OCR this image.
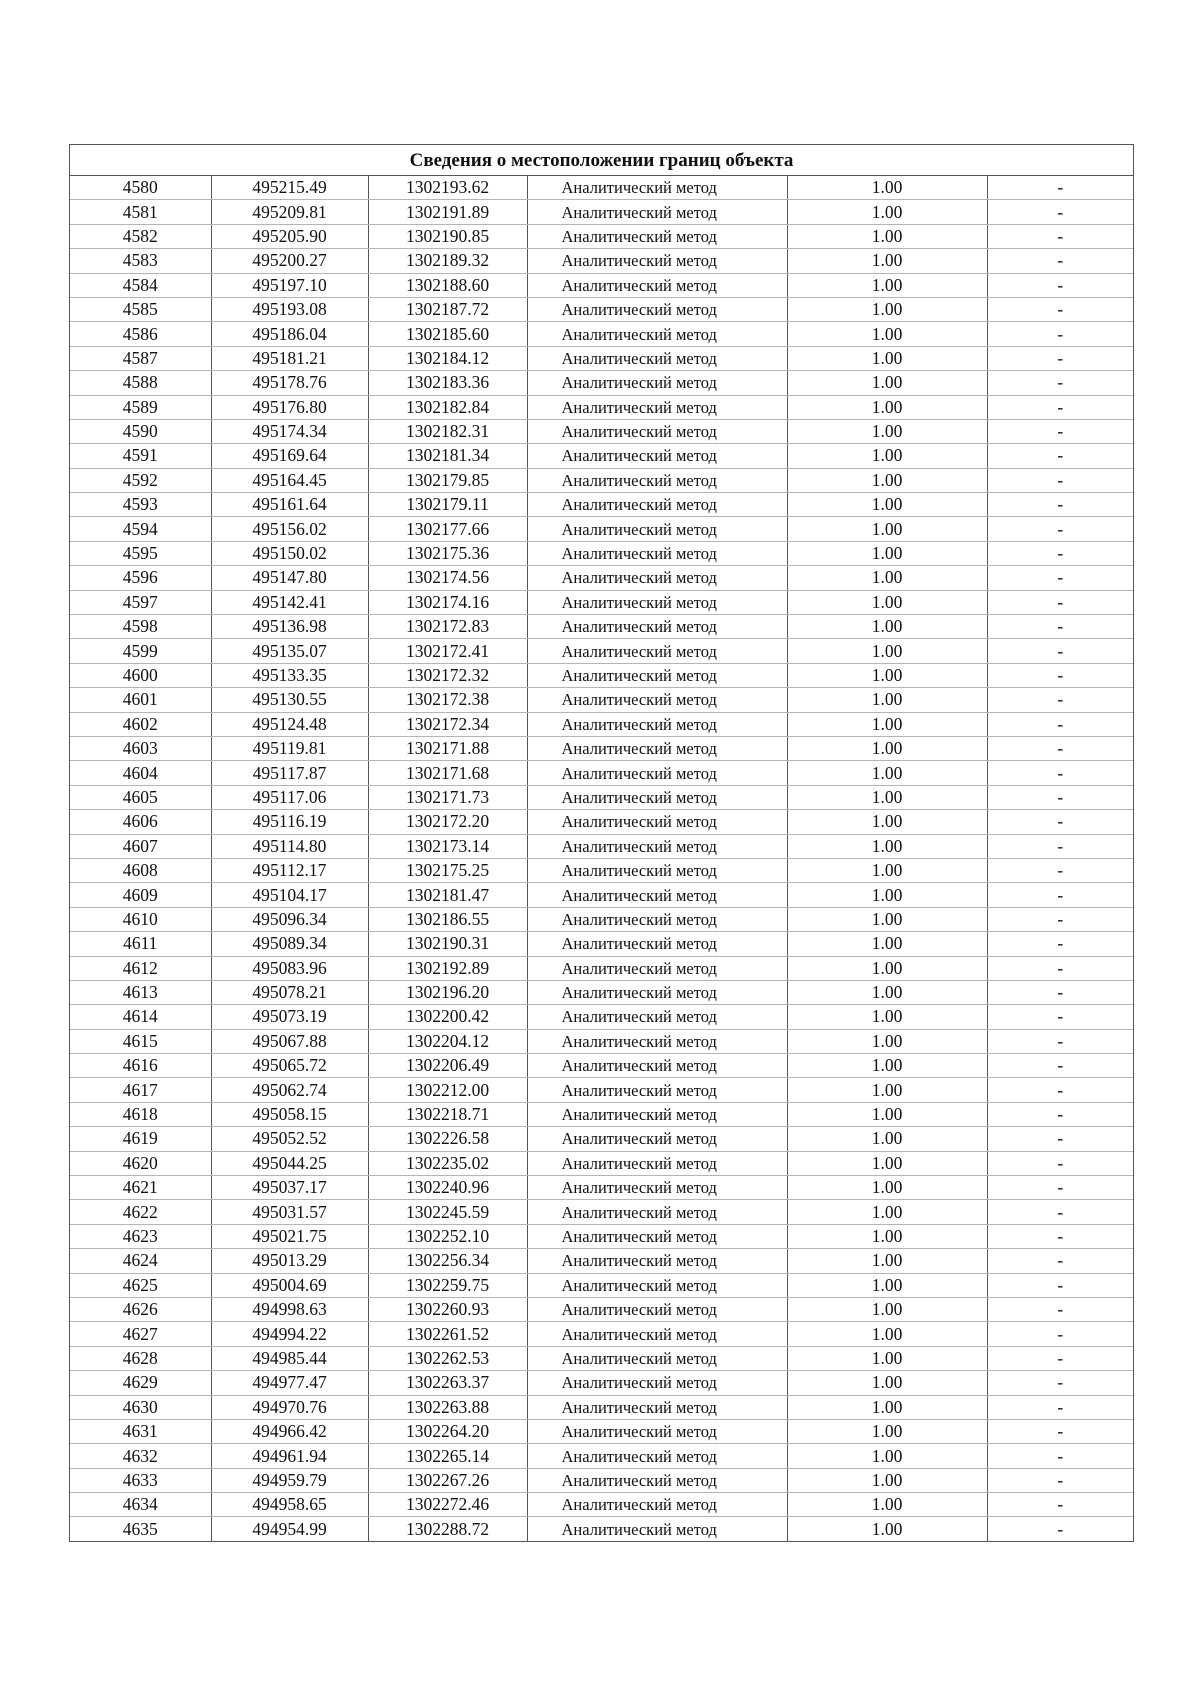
Сведения о местоположении границ объекта
4580	495215.49	1302193.62	Аналитический метод	1.00	-
4581	495209.81	1302191.89	Аналитический метод	1.00	-
4582	495205.90	1302190.85	Аналитический метод	1.00	-
4583	495200.27	1302189.32	Аналитический метод	1.00	-
4584	495197.10	1302188.60	Аналитический метод	1.00	-
4585	495193.08	1302187.72	Аналитический метод	1.00	-
4586	495186.04	1302185.60	Аналитический метод	1.00	-
4587	495181.21	1302184.12	Аналитический метод	1.00	-
4588	495178.76	1302183.36	Аналитический метод	1.00	-
4589	495176.80	1302182.84	Аналитический метод	1.00	-
4590	495174.34	1302182.31	Аналитический метод	1.00	-
4591	495169.64	1302181.34	Аналитический метод	1.00	-
4592	495164.45	1302179.85	Аналитический метод	1.00	-
4593	495161.64	1302179.11	Аналитический метод	1.00	-
4594	495156.02	1302177.66	Аналитический метод	1.00	-
4595	495150.02	1302175.36	Аналитический метод	1.00	-
4596	495147.80	1302174.56	Аналитический метод	1.00	-
4597	495142.41	1302174.16	Аналитический метод	1.00	-
4598	495136.98	1302172.83	Аналитический метод	1.00	-
4599	495135.07	1302172.41	Аналитический метод	1.00	-
4600	495133.35	1302172.32	Аналитический метод	1.00	-
4601	495130.55	1302172.38	Аналитический метод	1.00	-
4602	495124.48	1302172.34	Аналитический метод	1.00	-
4603	495119.81	1302171.88	Аналитический метод	1.00	-
4604	495117.87	1302171.68	Аналитический метод	1.00	-
4605	495117.06	1302171.73	Аналитический метод	1.00	-
4606	495116.19	1302172.20	Аналитический метод	1.00	-
4607	495114.80	1302173.14	Аналитический метод	1.00	-
4608	495112.17	1302175.25	Аналитический метод	1.00	-
4609	495104.17	1302181.47	Аналитический метод	1.00	-
4610	495096.34	1302186.55	Аналитический метод	1.00	-
4611	495089.34	1302190.31	Аналитический метод	1.00	-
4612	495083.96	1302192.89	Аналитический метод	1.00	-
4613	495078.21	1302196.20	Аналитический метод	1.00	-
4614	495073.19	1302200.42	Аналитический метод	1.00	-
4615	495067.88	1302204.12	Аналитический метод	1.00	-
4616	495065.72	1302206.49	Аналитический метод	1.00	-
4617	495062.74	1302212.00	Аналитический метод	1.00	-
4618	495058.15	1302218.71	Аналитический метод	1.00	-
4619	495052.52	1302226.58	Аналитический метод	1.00	-
4620	495044.25	1302235.02	Аналитический метод	1.00	-
4621	495037.17	1302240.96	Аналитический метод	1.00	-
4622	495031.57	1302245.59	Аналитический метод	1.00	-
4623	495021.75	1302252.10	Аналитический метод	1.00	-
4624	495013.29	1302256.34	Аналитический метод	1.00	-
4625	495004.69	1302259.75	Аналитический метод	1.00	-
4626	494998.63	1302260.93	Аналитический метод	1.00	-
4627	494994.22	1302261.52	Аналитический метод	1.00	-
4628	494985.44	1302262.53	Аналитический метод	1.00	-
4629	494977.47	1302263.37	Аналитический метод	1.00	-
4630	494970.76	1302263.88	Аналитический метод	1.00	-
4631	494966.42	1302264.20	Аналитический метод	1.00	-
4632	494961.94	1302265.14	Аналитический метод	1.00	-
4633	494959.79	1302267.26	Аналитический метод	1.00	-
4634	494958.65	1302272.46	Аналитический метод	1.00	-
4635	494954.99	1302288.72	Аналитический метод	1.00	-
